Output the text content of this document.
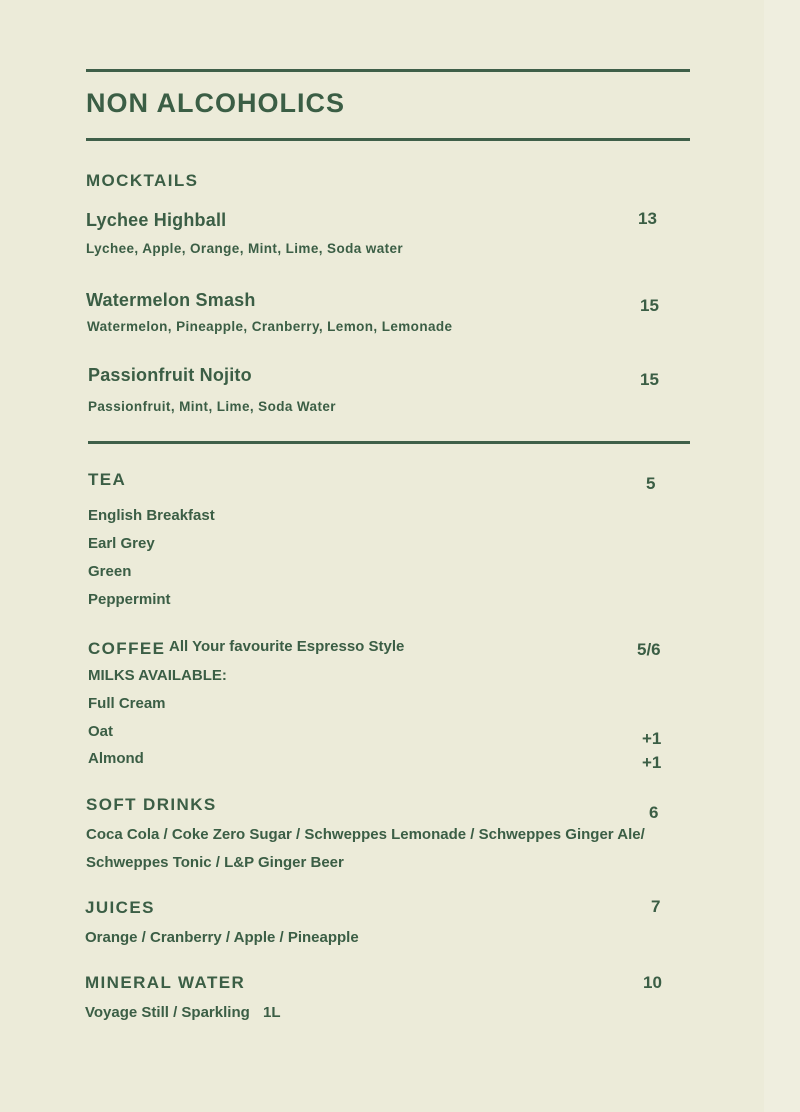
NON ALCOHOLICS
MOCKTAILS
Lychee Highball	13
Lychee, Apple, Orange, Mint, Lime, Soda water
Watermelon Smash	15
Watermelon, Pineapple, Cranberry, Lemon, Lemonade
Passionfruit Nojito	15
Passionfruit, Mint, Lime, Soda Water
TEA	5
English Breakfast
Earl Grey
Green
Peppermint
COFFEE All Your favourite Espresso Style	5/6
MILKS AVAILABLE:
Full Cream
Oat	+1
Almond	+1
SOFT DRINKS	6
Coca Cola / Coke Zero Sugar / Schweppes Lemonade / Schweppes Ginger Ale/
Schweppes Tonic / L&P Ginger Beer
JUICES	7
Orange / Cranberry / Apple / Pineapple
MINERAL WATER	10
Voyage Still / Sparkling 1L
